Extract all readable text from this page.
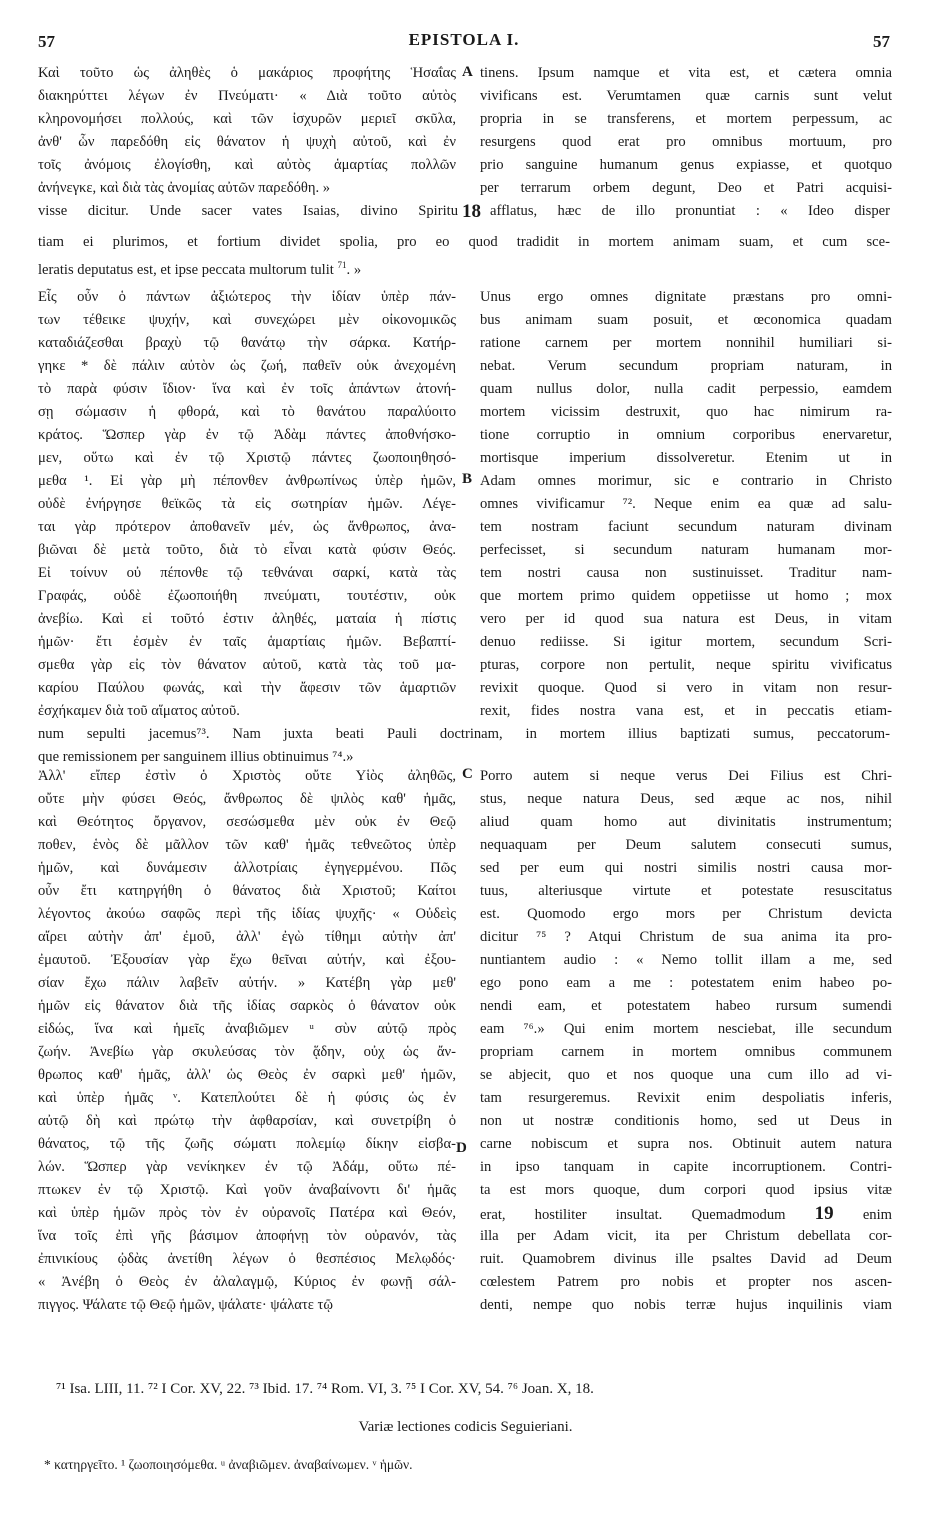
57	EPISTOLA I.	57
Καὶ τοῦτο ὡς ἀληθὲς ὁ μακάριος προφήτης Ἡσαΐας
διακηρύττει λέγων ἐν Πνεύματι· « Διὰ τοῦτο αὐτὸς
κληρονομήσει πολλούς, καὶ τῶν ἰσχυρῶν μεριεῖ σκῦλα,
ἀνθ' ὧν παρεδόθη εἰς θάνατον ἡ ψυχὴ αὐτοῦ, καὶ ἐν
τοῖς ἀνόμοις ἐλογίσθη, καὶ αὐτὸς ἁμαρτίας πολλῶν
ἀνήνεγκε, καὶ διὰ τὰς ἀνομίας αὐτῶν παρεδόθη. »
tinens. Ipsum namque et vita est, et cætera omnia
vivificans est. Verumtamen quæ carnis sunt velut
propria in se transferens, et mortem perpessum, ac
resurgens quod erat pro omnibus mortuum, pro
prio sanguine humanum genus expiasse, et quotquo
per terrarum orbem degunt, Deo et Patri acquisi-
A
visse dicitur. Unde sacer vates Isaias, divino Spiritu 18 afflatus, hæc de illo pronuntiat : « Ideo disper
tiam ei plurimos, et fortium dividet spolia, pro eo quod tradidit in mortem animam suam, et cum sce-
leratis deputatus est, et ipse peccata multorum tulit $^{71}$. »
Εἷς οὖν ὁ πάντων ἀξιώτερος τὴν ἰδίαν ὑπὲρ πάν-
των τέθεικε ψυχήν, καὶ συνεχώρει μὲν οἰκονομικῶς
καταδιάζεσθαι βραχὺ τῷ θανάτῳ τὴν σάρκα. Κατήρ-
γηκε * δὲ πάλιν αὐτὸν ὡς ζωή, παθεῖν οὐκ ἀνεχομένη
τὸ παρὰ φύσιν ἴδιον· ἵνα καὶ ἐν τοῖς ἁπάντων ἀτονή-
σῃ σώμασιν ἡ φθορά, καὶ τὸ θανάτου παραλύοιτο
κράτος. Ὥσπερ γὰρ ἐν τῷ Ἀδὰμ πάντες ἀποθνήσκο-
μεν, οὕτω καὶ ἐν τῷ Χριστῷ πάντες ζωοποιηθησό-
μεθα ¹. Εἰ γὰρ μὴ πέπονθεν ἀνθρωπίνως ὑπὲρ ἡμῶν,
οὐδὲ ἐνήργησε θεϊκῶς τὰ εἰς σωτηρίαν ἡμῶν. Λέγε-
ται γὰρ πρότερον ἀποθανεῖν μέν, ὡς ἄνθρωπος, ἀνα-
βιῶναι δὲ μετὰ τοῦτο, διὰ τὸ εἶναι κατὰ φύσιν Θεός.
Εἰ τοίνυν οὐ πέπονθε τῷ τεθνάναι σαρκί, κατὰ τὰς
Γραφάς, οὐδὲ ἐζωοποιήθη πνεύματι, τουτέστιν, οὐκ
ἀνεβίω. Καὶ εἰ τοῦτό ἐστιν ἀληθές, ματαία ἡ πίστις
ἡμῶν· ἔτι ἐσμὲν ἐν ταῖς ἁμαρτίαις ἡμῶν. Βεβαπτί-
σμεθα γὰρ εἰς τὸν θάνατον αὐτοῦ, κατὰ τὰς τοῦ μα-
καρίου Παύλου φωνάς, καὶ τὴν ἄφεσιν τῶν ἁμαρτιῶν
ἐσχήκαμεν διὰ τοῦ αἵματος αὐτοῦ.
Unus ergo omnes dignitate præstans pro omni-
bus animam suam posuit, et œconomica quadam
ratione carnem per mortem nonnihil humiliari si-
nebat. Verum secundum propriam naturam, in
quam nullus dolor, nulla cadit perpessio, eamdem
mortem vicissim destruxit, quo hac nimirum ra-
tione corruptio in omnium corporibus enervaretur,
mortisque imperium dissolveretur. Etenim ut in
Adam omnes morimur, sic e contrario in Christo
omnes vivificamur ⁷². Neque enim ea quæ ad salu-
tem nostram faciunt secundum naturam divinam
perfecisset, si secundum naturam humanam mor-
tem nostri causa non sustinuisset. Traditur nam-
que mortem primo quidem oppetiisse ut homo ; mox
vero per id quod sua natura est Deus, in vitam
denuo rediisse. Si igitur mortem, secundum Scri-
pturas, corpore non pertulit, neque spiritu vivificatus
revixit quoque. Quod si vero in vitam non resur-
rexit, fides nostra vana est, et in peccatis etiam-
B
num sepulti jacemus⁷³. Nam juxta beati Pauli doctrinam, in mortem illius baptizati sumus, peccatorum-
que remissionem per sanguinem illius obtinuimus ⁷⁴.»
Ἀλλ' εἴπερ ἐστὶν ὁ Χριστὸς οὔτε Υἱὸς ἀληθῶς,
οὔτε μὴν φύσει Θεός, ἄνθρωπος δὲ ψιλὸς καθ' ἡμᾶς,
καὶ Θεότητος ὄργανον, σεσώσμεθα μὲν οὐκ ἐν Θεῷ
ποθεν, ἑνὸς δὲ μᾶλλον τῶν καθ' ἡμᾶς τεθνεῶτος ὑπὲρ
ἡμῶν, καὶ δυνάμεσιν ἀλλοτρίαις ἐγηγερμένου. Πῶς
οὖν ἔτι κατηργήθη ὁ θάνατος διὰ Χριστοῦ; Καίτοι
λέγοντος ἀκούω σαφῶς περὶ τῆς ἰδίας ψυχῆς· « Οὐδεὶς
αἴρει αὐτὴν ἀπ' ἐμοῦ, ἀλλ' ἐγὼ τίθημι αὐτὴν ἀπ'
ἐμαυτοῦ. Ἐξουσίαν γὰρ ἔχω θεῖναι αὐτήν, καὶ ἐξου-
σίαν ἔχω πάλιν λαβεῖν αὐτήν. » Κατέβη γὰρ μεθ'
ἡμῶν εἰς θάνατον διὰ τῆς ἰδίας σαρκὸς ὁ θάνατον οὐκ
εἰδώς, ἵνα καὶ ἡμεῖς ἀναβιῶμεν ᵘ σὺν αὐτῷ πρὸς
ζωήν. Ἀνεβίω γὰρ σκυλεύσας τὸν ᾅδην, οὐχ ὡς ἄν-
θρωπος καθ' ἡμᾶς, ἀλλ' ὡς Θεὸς ἐν σαρκὶ μεθ' ἡμῶν,
καὶ ὑπὲρ ἡμᾶς ᵛ. Κατεπλούτει δὲ ἡ φύσις ὡς ἐν
αὐτῷ δὴ καὶ πρώτῳ τὴν ἀφθαρσίαν, καὶ συνετρίβη ὁ
θάνατος, τῷ τῆς ζωῆς σώματι πολεμίῳ δίκην εἰσβα-
λών. Ὥσπερ γὰρ νενίκηκεν ἐν τῷ Ἀδάμ, οὕτω πέ-
πτωκεν ἐν τῷ Χριστῷ. Καὶ γοῦν ἀναβαίνοντι δι' ἡμᾶς
καὶ ὑπὲρ ἡμῶν πρὸς τὸν ἐν οὐρανοῖς Πατέρα καὶ Θεόν,
ἵνα τοῖς ἐπὶ γῆς βάσιμον ἀποφήνῃ τὸν οὐρανόν, τὰς
ἐπινικίους ᾠδὰς ἀνετίθη λέγων ὁ θεσπέσιος Μελῳδός·
« Ἀνέβη ὁ Θεὸς ἐν ἀλαλαγμῷ, Κύριος ἐν φωνῇ σάλ-
πιγγος. Ψάλατε τῷ Θεῷ ἡμῶν, ψάλατε· ψάλατε τῷ
Porro autem si neque verus Dei Filius est Chri-
stus, neque natura Deus, sed æque ac nos, nihil
aliud quam homo aut divinitatis instrumentum;
nequaquam per Deum salutem consecuti sumus,
sed per eum qui nostri similis nostri causa mor-
tuus, alteriusque virtute et potestate resuscitatus
est. Quomodo ergo mors per Christum devicta
dicitur ⁷⁵ ? Atqui Christum de sua anima ita pro-
nuntiantem audio : « Nemo tollit illam a me, sed
ego pono eam a me : potestatem enim habeo po-
nendi eam, et potestatem habeo rursum sumendi
eam ⁷⁶.» Qui enim mortem nesciebat, ille secundum
propriam carnem in mortem omnibus communem
se abjecit, quo et nos quoque una cum illo ad vi-
tam resurgeremus. Revixit enim despoliatis inferis,
non ut nostræ conditionis homo, sed ut Deus in
carne nobiscum et supra nos. Obtinuit autem natura
in ipso tanquam in capite incorruptionem. Contri-
ta est mors quoque, dum corpori quod ipsius vitæ
erat, hostiliter insultat. Quemadmodum 19 enim
illa per Adam vicit, ita per Christum debellata cor-
ruit. Quamobrem divinus ille psaltes David ad Deum
cœlestem Patrem pro nobis et propter nos ascen-
denti, nempe quo nobis terræ hujus inquilinis viam
C
D
⁷¹ Isa. LIII, 11. ⁷² I Cor. XV, 22. ⁷³ Ibid. 17. ⁷⁴ Rom. VI, 3. ⁷⁵ I Cor. XV, 54. ⁷⁶ Joan. X, 18.
Variæ lectiones codicis Seguieriani.
* κατηργεῖτο. ¹ ζωοποιησόμεθα. ᵘ ἀναβιῶμεν. ἀναβαίνωμεν. ᵛ ἡμῶν.
